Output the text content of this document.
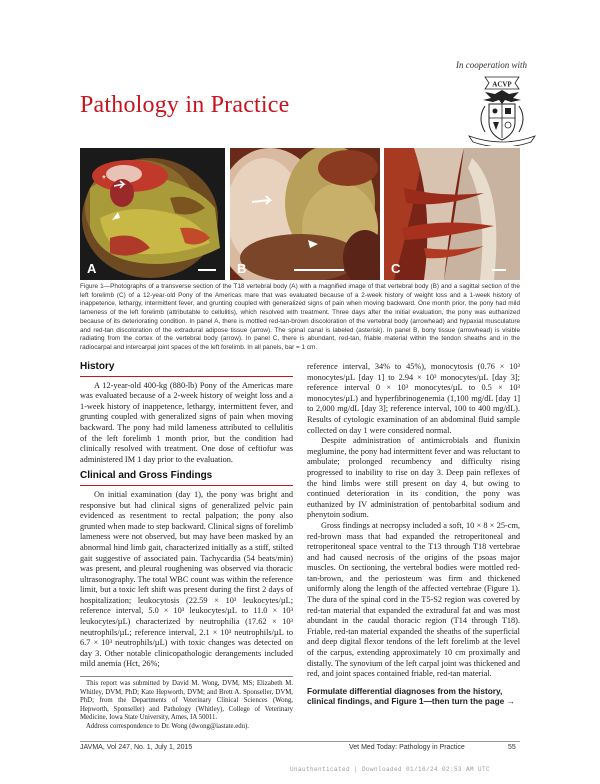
In cooperation with
ACVP
Pathology in Practice
*
A	B	C
Figure 1—Photographs of a transverse section of the T18 vertebral body (A) with a magnified image of that vertebral body (B) and a sagittal section of the left forelimb (C) of a 12-year-old Pony of the Americas mare that was evaluated because of a 2-week history of weight loss and a 1-week history of inappetence, lethargy, intermittent fever, and grunting coupled with generalized signs of pain when moving backward. One month prior, the pony had mild lameness of the left forelimb (attributable to cellulitis), which resolved with treatment. Three days after the initial evaluation, the pony was euthanized because of its deteriorating condition. In panel A, there is mottled red-tan-brown discoloration of the vertebral body (arrowhead) and hypaxial musculature and red-tan discoloration of the extradural adipose tissue (arrow). The spinal canal is labeled (asterisk). In panel B, bony tissue (arrowhead) is visible radiating from the cortex of the vertebral body (arrow). In panel C, there is abundant, red-tan, friable material within the tendon sheaths and in the radiocarpal and intercarpal joint spaces of the left forelimb. In all panels, bar = 1 cm.
History

A 12-year-old 400-kg (880-lb) Pony of the Americas mare was evaluated because of a 2-week history of weight loss and a 1-week history of inappetence, lethargy, intermittent fever, and grunting coupled with generalized signs of pain when moving backward. The pony had mild lameness attributed to cellulitis of the left forelimb 1 month prior, but the condition had clinically resolved with treatment. One dose of ceftiofur was administered IM 1 day prior to the evaluation.

Clinical and Gross Findings

On initial examination (day 1), the pony was bright and responsive but had clinical signs of generalized pelvic pain evidenced as resentment to rectal palpation; the pony also grunted when made to step backward. Clinical signs of forelimb lameness were not observed, but may have been masked by an abnormal hind limb gait, characterized initially as a stiff, stilted gait suggestive of associated pain. Tachycardia (54 beats/min) was present, and pleural roughening was observed via thoracic ultrasonography. The total WBC count was within the reference limit, but a toxic left shift was present during the first 2 days of hospitalization; leukocytosis (22.59 × 10³ leukocytes/µL; reference interval, 5.0 × 10³ leukocytes/µL to 11.0 × 10³ leukocytes/µL) characterized by neutrophilia (17.62 × 10³ neutrophils/µL; reference interval, 2.1 × 10³ neutrophils/µL to 6.7 × 10³ neutrophils/µL) with toxic changes was detected on day 3. Other notable clinicopathologic derangements included mild anemia (Hct, 26%;

This report was submitted by David M. Wong, DVM, MS; Elizabeth M. Whitley, DVM, PhD; Kate Hepworth, DVM; and Brett A. Sponseller, DVM, PhD; from the Departments of Veterinary Clinical Sciences (Wong, Hepworth, Sponseller) and Pathology (Whitley), College of Veterinary Medicine, Iowa State University, Ames, IA 50011.

Address correspondence to Dr. Wong (dwong@iastate.edu).

reference interval, 34% to 45%), monocytosis (0.76 × 10³ monocytes/µL [day 1] to 2.94 × 10³ monocytes/µL [day 3]; reference interval 0 × 10³ monocytes/µL to 0.5 × 10³ monocytes/µL) and hyperfibrinogenemia (1,100 mg/dL [day 1] to 2,000 mg/dL [day 3]; reference interval, 100 to 400 mg/dL). Results of cytologic examination of an abdominal fluid sample collected on day 1 were considered normal.

Despite administration of antimicrobials and flunixin meglumine, the pony had intermittent fever and was reluctant to ambulate; prolonged recumbency and difficulty rising progressed to inability to rise on day 3. Deep pain reflexes of the hind limbs were still present on day 4, but owing to continued deterioration in its condition, the pony was euthanized by IV administration of pentobarbital sodium and phenytoin sodium.

Gross findings at necropsy included a soft, 10 × 8 × 25-cm, red-brown mass that had expanded the retroperitoneal and retroperitoneal space ventral to the T13 through T18 vertebrae and had caused necrosis of the origins of the psoas major muscles. On sectioning, the vertebral bodies were mottled red-tan-brown, and the periosteum was firm and thickened uniformly along the length of the affected vertebrae (Figure 1). The dura of the spinal cord in the T5-S2 region was covered by red-tan material that expanded the extradural fat and was most abundant in the caudal thoracic region (T14 through T18). Friable, red-tan material expanded the sheaths of the superficial and deep digital flexor tendons of the left forelimb at the level of the carpus, extending approximately 10 cm proximally and distally. The synovium of the left carpal joint was thickened and red, and joint spaces contained friable, red-tan material.

Formulate differential diagnoses from the history, clinical findings, and Figure 1—then turn the page →
JAVMA, Vol 247, No. 1, July 1, 2015	Vet Med Today: Pathology in Practice	55
Unauthenticated | Downloaded 01/16/24 02:53 AM UTC
